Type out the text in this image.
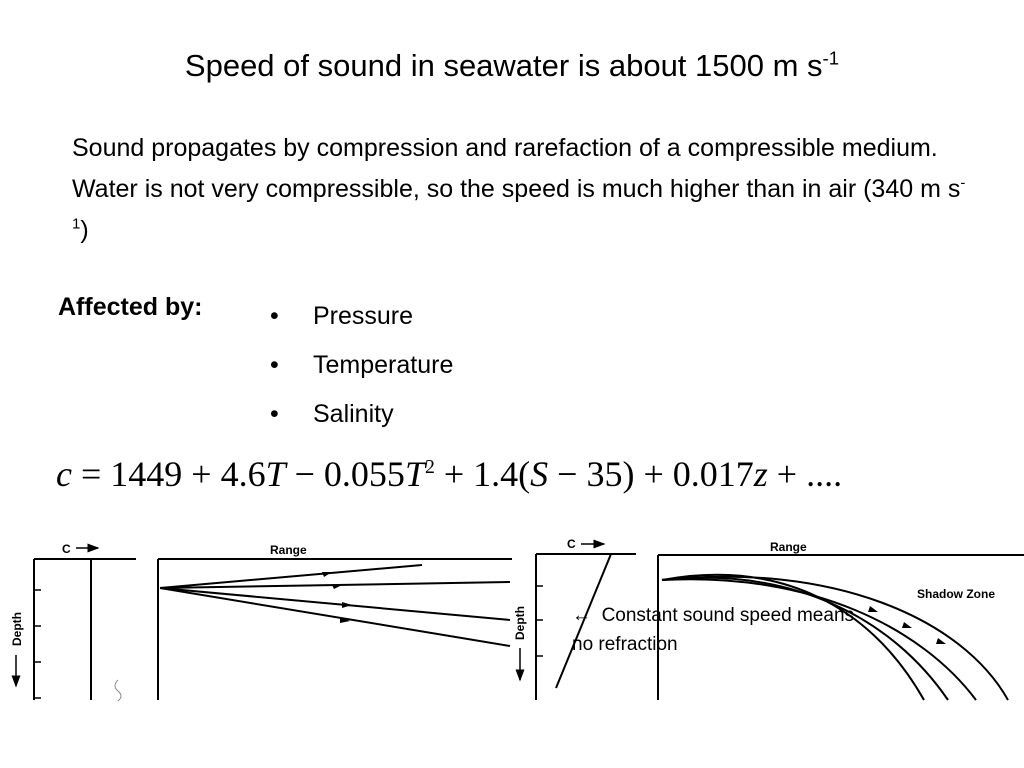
Speed of sound in seawater is about 1500 m $s^{-1}$
Sound propagates by compression and rarefaction of a compressible medium. Water is not very compressible, so the speed is much higher than in air (340 m $s^{-1}$)
Affected by:	• Pressure
• Temperature
• Salinity
$c = 1449 + 4.6T - 0.055T^2 + 1.4(S - 35) + 0.017z$ + ....
C
Depth
Range	C
Depth
Range
Shadow Zone
← Constant sound speed means no refraction
